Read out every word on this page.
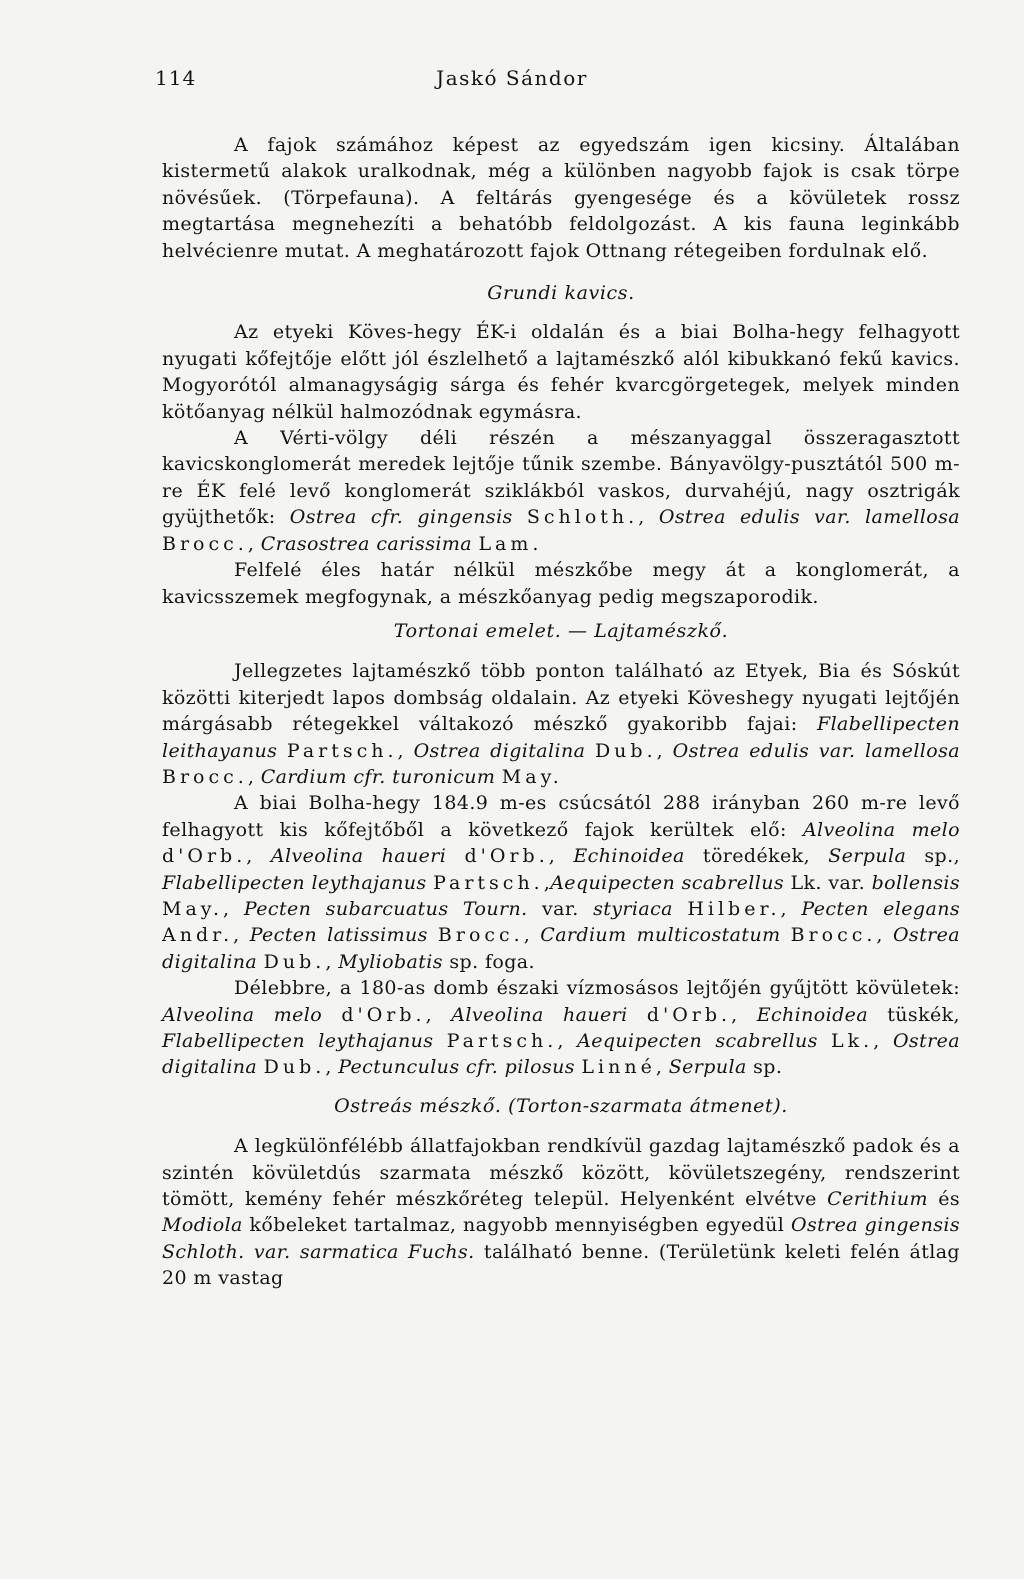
114	Jaskó Sándor

A fajok számához képest az egyedszám igen kicsiny. Általában kistermetű alakok uralkodnak, még a különben nagyobb fajok is csak törpe növésűek. (Törpefauna). A feltárás gyengesége és a kövületek rossz megtartása megnehezíti a behatóbb feldolgozást. A kis fauna leginkább helvécienre mutat. A meghatározott fajok Ottnang rétegeiben fordulnak elő.

Grundi kavics.

Az etyeki Köves-hegy ÉK-i oldalán és a biai Bolha-hegy felhagyott nyugati kőfejtője előtt jól észlelhető a lajtamészkő alól kibukkanó fekű kavics. Mogyorótól almanagyságig sárga és fehér kvarcgörgetegek, melyek minden kötőanyag nélkül halmozódnak egymásra.

A Vérti-völgy déli részén a mészanyaggal összeragasztott kavicskonglomerát meredek lejtője tűnik szembe. Bányavölgy-pusztától 500 m-re ÉK felé levő konglomerát sziklákból vaskos, durvahéjú, nagy osztrigák gyüjthetők: Ostrea cfr. gingensis Schloth., Ostrea edulis var. lamellosa Brocc., Crasostrea carissima Lam.

Felfelé éles határ nélkül mészkőbe megy át a konglomerát, a kavicsszemek megfogynak, a mészkőanyag pedig megszaporodik.

Tortonai emelet. — Lajtamészkő.

Jellegzetes lajtamészkő több ponton található az Etyek, Bia és Sóskút közötti kiterjedt lapos dombság oldalain. Az etyeki Köveshegy nyugati lejtőjén márgásabb rétegekkel váltakozó mészkő gyakoribb fajai: Flabellipecten leithayanus Partsch., Ostrea digitalina Dub., Ostrea edulis var. lamellosa Brocc., Cardium cfr. turonicum May.

A biai Bolha-hegy 184.9 m-es csúcsától 288 irányban 260 m-re levő felhagyott kis kőfejtőből a következő fajok kerültek elő: Alveolina melo d'Orb., Alveolina haueri d'Orb., Echinoidea töredékek, Serpula sp., Flabellipecten leythajanus Partsch.,Aequipecten scabrellus Lk. var. bollensis May., Pecten subarcuatus Tourn. var. styriaca Hilber., Pecten elegans Andr., Pecten latissimus Brocc., Cardium multicostatum Brocc., Ostrea digitalina Dub., Myliobatis sp. foga.

Délebbre, a 180-as domb északi vízmosásos lejtőjén gyűjtött kövületek: Alveolina melo d'Orb., Alveolina haueri d'Orb., Echinoidea tüskék, Flabellipecten leythajanus Partsch., Aequipecten scabrellus Lk., Ostrea digitalina Dub., Pectunculus cfr. pilosus Linné, Serpula sp.

Ostreás mészkő. (Torton-szarmata átmenet).

A legkülönfélébb állatfajokban rendkívül gazdag lajtamészkő padok és a szintén kövületdús szarmata mészkő között, kövületszegény, rendszerint tömött, kemény fehér mészkőréteg települ. Helyenként elvétve Cerithium és Modiola kőbeleket tartalmaz, nagyobb mennyiségben egyedül Ostrea gingensis Schloth. var. sarmatica Fuchs. található benne. (Területünk keleti felén átlag 20 m vastag
